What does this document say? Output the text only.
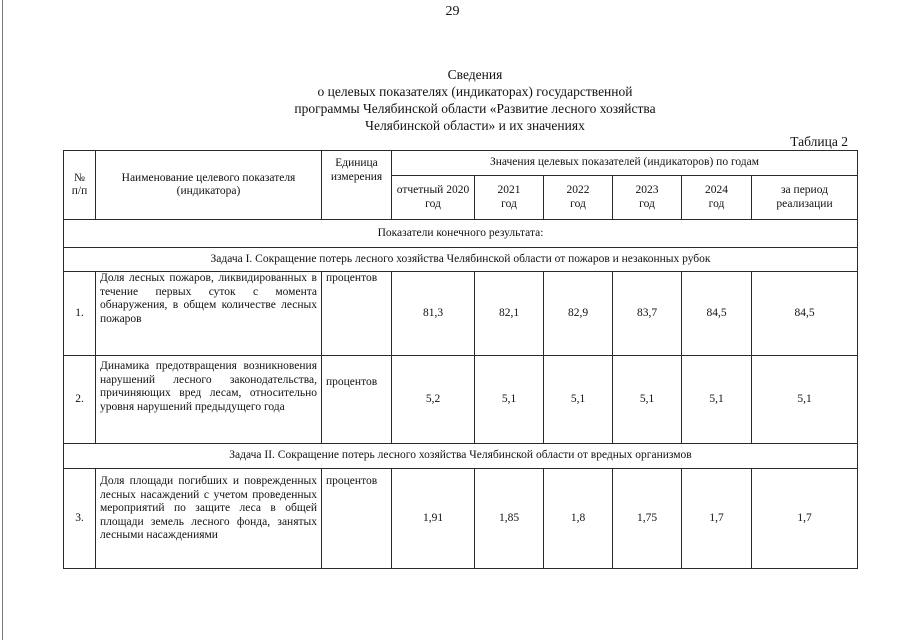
29
Сведения
о целевых показателях (индикаторах) государственной
программы Челябинской области «Развитие лесного хозяйства
Челябинской области» и их значениях
Таблица 2
№ п/п	Наименование целевого показателя (индикатора)	Единица измерения	Значения целевых показателей (индикаторов) по годам					
			отчетный 2020 год	2021 год	2022 год	2023 год	2024 год	за период реализации
Показатели конечного результата:								
Задача I. Сокращение потерь лесного хозяйства Челябинской области от пожаров и незаконных рубок								
1.	Доля лесных пожаров, ликвидированных в течение первых суток с момента обнаружения, в общем количестве лесных пожаров	процентов	81,3	82,1	82,9	83,7	84,5	84,5
2.	Динамика предотвращения возникновения нарушений лесного законодательства, причиняющих вред лесам, относительно уровня нарушений предыдущего года	процентов	5,2	5,1	5,1	5,1	5,1	5,1
Задача II. Сокращение потерь лесного хозяйства Челябинской области от вредных организмов								
3.	Доля площади погибших и поврежденных лесных насаждений с учетом проведенных мероприятий по защите леса в общей площади земель лесного фонда, занятых лесными насаждениями	процентов	1,91	1,85	1,8	1,75	1,7	1,7
